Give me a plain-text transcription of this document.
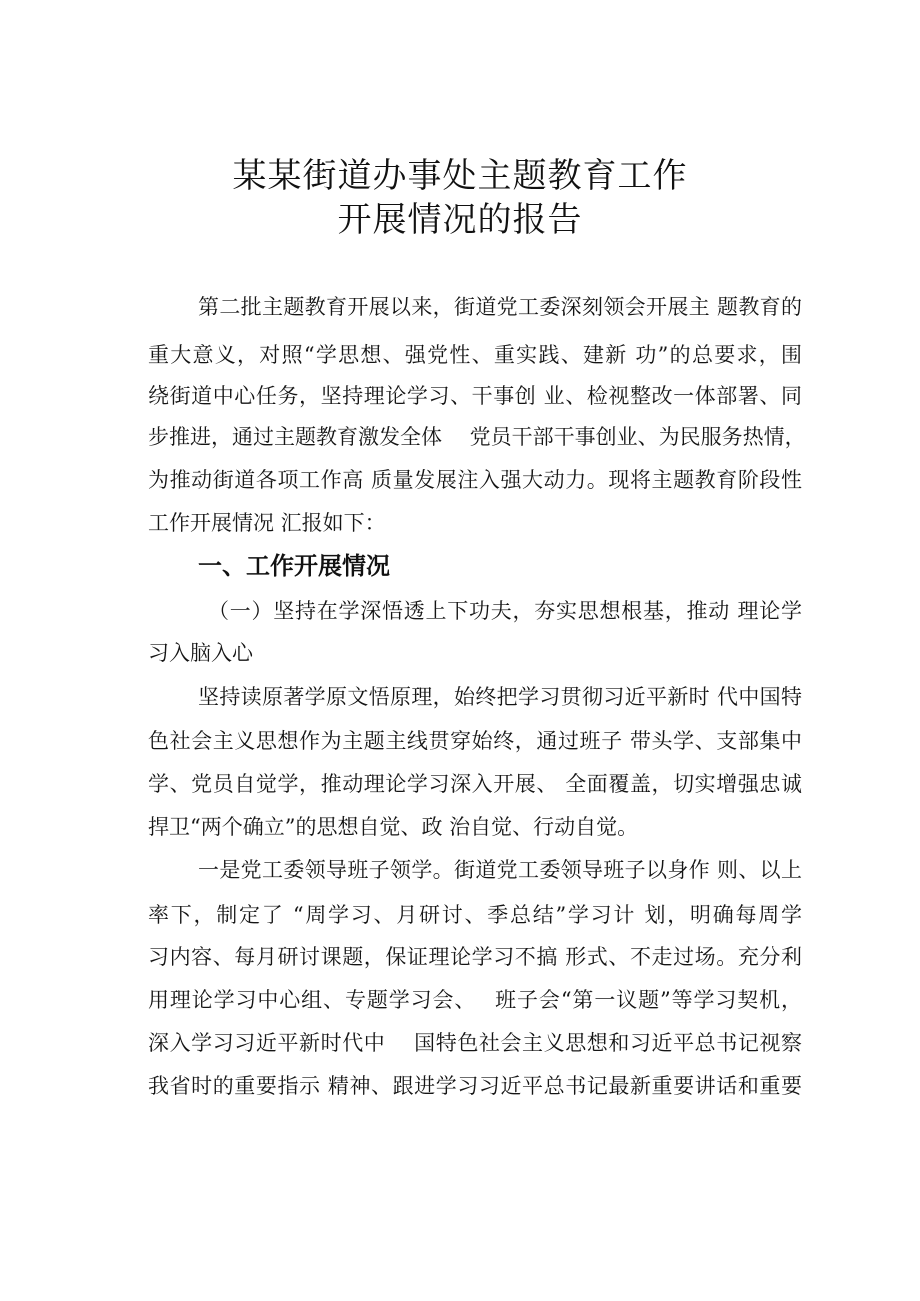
某某街道办事处主题教育工作
开展情况的报告
第二批主题教育开展以来，街道党工委深刻领会开展主 题教育的
重大意义，对照“学思想、强党性、重实践、建新 功”的总要求，围
绕街道中心任务，坚持理论学习、干事创 业、检视整改一体部署、同
步推进，通过主题教育激发全体　 党员干部干事创业、为民服务热情，
为推动街道各项工作高 质量发展注入强大动力。现将主题教育阶段性
工作开展情况 汇报如下：
一、工作开展情况
（一）坚持在学深悟透上下功夫，夯实思想根基，推动 理论学
习入脑入心
坚持读原著学原文悟原理，始终把学习贯彻习近平新时 代中国特
色社会主义思想作为主题主线贯穿始终，通过班子 带头学、支部集中
学、党员自觉学，推动理论学习深入开展、 全面覆盖，切实增强忠诚
捍卫“两个确立”的思想自觉、政 治自觉、行动自觉。
一是党工委领导班子领学。街道党工委领导班子以身作 则、以上
率下，制定了 “周学习、月研讨、季总结”学习计 划，明确每周学
习内容、每月研讨课题，保证理论学习不搞 形式、不走过场。充分利
用理论学习中心组、专题学习会、　 班子会“第一议题”等学习契机，
深入学习习近平新时代中　 国特色社会主义思想和习近平总书记视察
我省时的重要指示 精神、跟进学习习近平总书记最新重要讲话和重要
